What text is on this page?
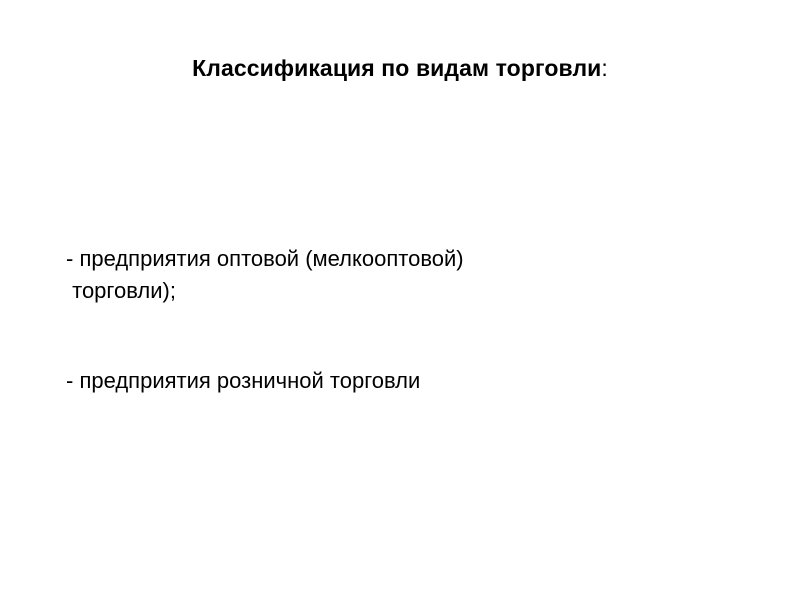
Классификация по видам торговли:
- предприятия оптовой (мелкооптовой)
торговли);
- предприятия розничной торговли
